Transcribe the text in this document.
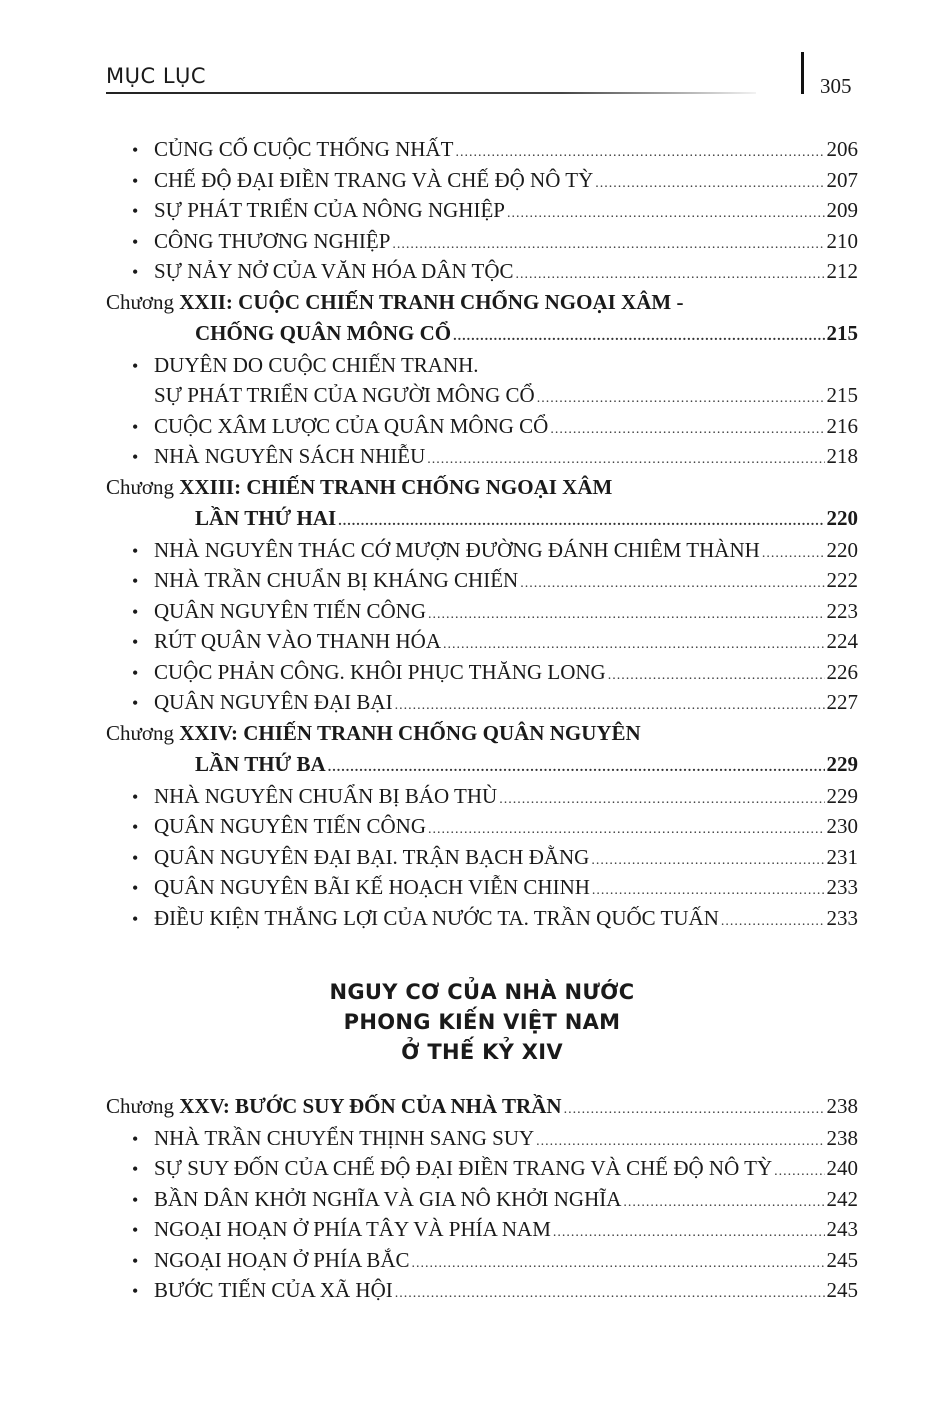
MỤC LỤC	305
• CỦNG CỐ CUỘC THỐNG NHẤT .....	206
• CHẾ ĐỘ ĐẠI ĐIỀN TRANG VÀ CHẾ ĐỘ NÔ TỲ .....	207
• SỰ PHÁT TRIỂN CỦA NÔNG NGHIỆP .....	209
• CÔNG THƯƠNG NGHIỆP .....	210
• SỰ NẢY NỞ CỦA VĂN HÓA DÂN TỘC .....	212
Chương
XXII: CUỘC CHIẾN TRANH CHỐNG NGOẠI XÂM -
CHỐNG QUÂN MÔNG CỔ .....	215
• DUYÊN DO CUỘC CHIẾN TRANH.
SỰ PHÁT TRIỂN CỦA NGƯỜI MÔNG CỔ .....	215
• CUỘC XÂM LƯỢC CỦA QUÂN MÔNG CỔ .....	216
• NHÀ NGUYÊN SÁCH NHIỄU .....	218
Chương
XXIII: CHIẾN TRANH CHỐNG NGOẠI XÂM
LẦN THỨ HAI .....	220
• NHÀ NGUYÊN THÁC CỚ MƯỢN ĐƯỜNG ĐÁNH CHIÊM THÀNH .....	220
• NHÀ TRẦN CHUẨN BỊ KHÁNG CHIẾN .....	222
• QUÂN NGUYÊN TIẾN CÔNG .....	223
• RÚT QUÂN VÀO THANH HÓA .....	224
• CUỘC PHẢN CÔNG. KHÔI PHỤC THĂNG LONG .....	226
• QUÂN NGUYÊN ĐẠI BẠI .....	227
Chương
XXIV: CHIẾN TRANH CHỐNG QUÂN NGUYÊN
LẦN THỨ BA .....	229
• NHÀ NGUYÊN CHUẨN BỊ BÁO THÙ .....	229
• QUÂN NGUYÊN TIẾN CÔNG .....	230
• QUÂN NGUYÊN ĐẠI BẠI. TRẬN BẠCH ĐẰNG .....	231
• QUÂN NGUYÊN BÃI KẾ HOẠCH VIỄN CHINH .....	233
• ĐIỀU KIỆN THẮNG LỢI CỦA NƯỚC TA. TRẦN QUỐC TUẤN .....	233
NGUY CƠ CỦA NHÀ NƯỚC
PHONG KIẾN VIỆT NAM
Ở THẾ KỶ XIV
Chương
XXV: BƯỚC SUY ĐỐN CỦA NHÀ TRẦN .....	238
• NHÀ TRẦN CHUYỂN THỊNH SANG SUY .....	238
• SỰ SUY ĐỐN CỦA CHẾ ĐỘ ĐẠI ĐIỀN TRANG VÀ CHẾ ĐỘ NÔ TỲ .....	240
• BẦN DÂN KHỞI NGHĨA VÀ GIA NÔ KHỞI NGHĨA .....	242
• NGOẠI HOẠN Ở PHÍA TÂY VÀ PHÍA NAM .....	243
• NGOẠI HOẠN Ở PHÍA BẮC .....	245
• BƯỚC TIẾN CỦA XÃ HỘI .....	245
